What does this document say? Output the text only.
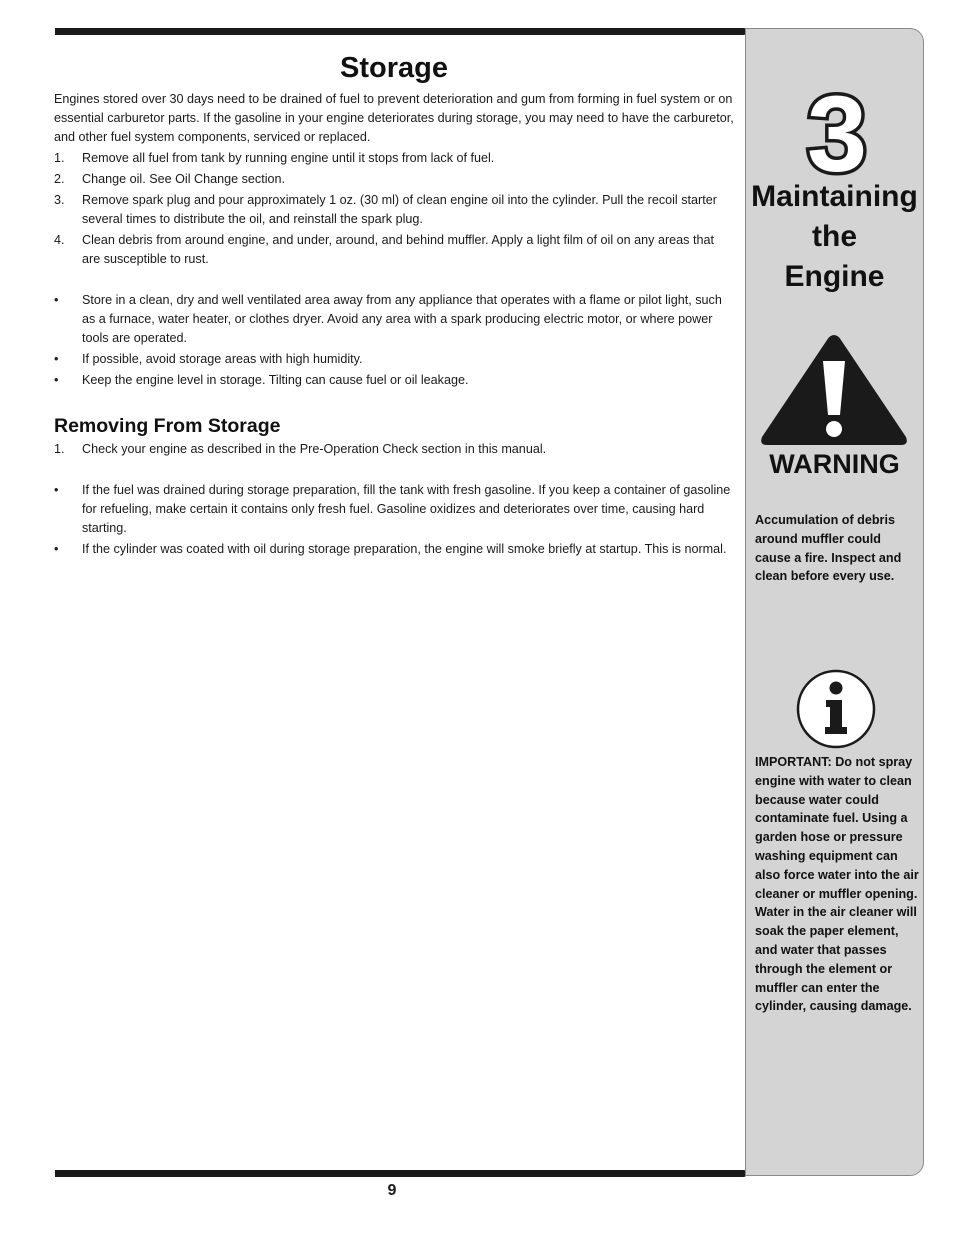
Storage

Engines stored over 30 days need to be drained of fuel to prevent deterioration and gum from forming in fuel system or on essential carburetor parts. If the gasoline in your engine deteriorates during storage, you may need to have the carburetor, and other fuel system components, serviced or replaced.

1. Remove all fuel from tank by running engine until it stops from lack of fuel.
2. Change oil. See Oil Change section.
3. Remove spark plug and pour approximately 1 oz. (30 ml) of clean engine oil into the cylinder. Pull the recoil starter several times to distribute the oil, and reinstall the spark plug.
4. Clean debris from around engine, and under, around, and behind muffler. Apply a light film of oil on any areas that are susceptible to rust.
• Store in a clean, dry and well ventilated area away from any appliance that operates with a flame or pilot light, such as a furnace, water heater, or clothes dryer. Avoid any area with a spark producing electric motor, or where power tools are operated.
• If possible, avoid storage areas with high humidity.
• Keep the engine level in storage. Tilting can cause fuel or oil leakage.
Removing From Storage
1. Check your engine as described in the Pre-Operation Check section in this manual.
• If the fuel was drained during storage preparation, fill the tank with fresh gasoline. If you keep a container of gasoline for refueling, make certain it contains only fresh fuel. Gasoline oxidizes and deteriorates over time, causing hard starting.
• If the cylinder was coated with oil during storage preparation, the engine will smoke briefly at startup. This is normal.
9
3
Maintaining
the
Engine
WARNING
Accumulation of debris around muffler could cause a fire. Inspect and clean before every use.
IMPORTANT: Do not spray engine with water to clean because water could contaminate fuel. Using a garden hose or pressure washing equipment can also force water into the air cleaner or muffler opening. Water in the air cleaner will soak the paper element, and water that passes through the element or muffler can enter the cylinder, causing damage.
